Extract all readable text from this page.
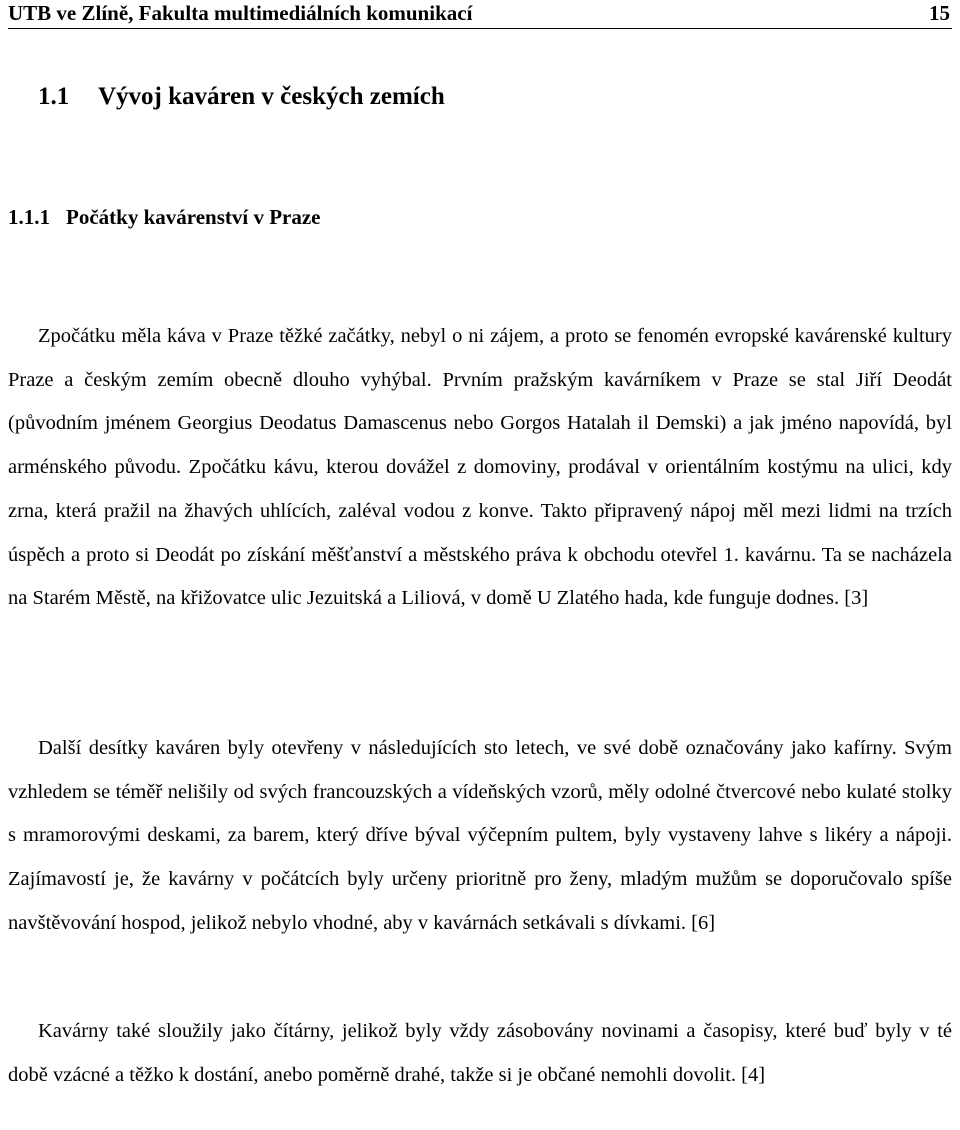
UTB ve Zlíně, Fakulta multimediálních komunikací	15
1.1 Vývoj kaváren v českých zemích
1.1.1 Počátky kavárenství v Praze

Zpočátku měla káva v Praze těžké začátky, nebyl o ni zájem, a proto se fenomén evropské kavárenské kultury Praze a českým zemím obecně dlouho vyhýbal. Prvním pražským kavárníkem v Praze se stal Jiří Deodát (původním jménem Georgius Deodatus Damascenus nebo Gorgos Hatalah il Demski) a jak jméno napovídá, byl arménského původu. Zpočátku kávu, kterou dovážel z domoviny, prodával v orientálním kostýmu na ulici, kdy zrna, která pražil na žhavých uhlících, zaléval vodou z konve. Takto připravený nápoj měl mezi lidmi na trzích úspěch a proto si Deodát po získání měšťanství a městského práva k obchodu otevřel 1. kavárnu. Ta se nacházela na Starém Městě, na křižovatce ulic Jezuitská a Liliová, v domě U Zlatého hada, kde funguje dodnes. [3]

Další desítky kaváren byly otevřeny v následujících sto letech, ve své době označovány jako kafírny. Svým vzhledem se téměř nelišily od svých francouzských a vídeňských vzorů, měly odolné čtvercové nebo kulaté stolky s mramorovými deskami, za barem, který dříve býval výčepním pultem, byly vystaveny lahve s likéry a nápoji. Zajímavostí je, že kavárny v počátcích byly určeny prioritně pro ženy, mladým mužům se doporučovalo spíše navštěvování hospod, jelikož nebylo vhodné, aby v kavárnách setkávali s dívkami. [6]

Kavárny také sloužily jako čítárny, jelikož byly vždy zásobovány novinami a časopisy, které buď byly v té době vzácné a těžko k dostání, anebo poměrně drahé, takže si je občané nemohli dovolit. [4]
